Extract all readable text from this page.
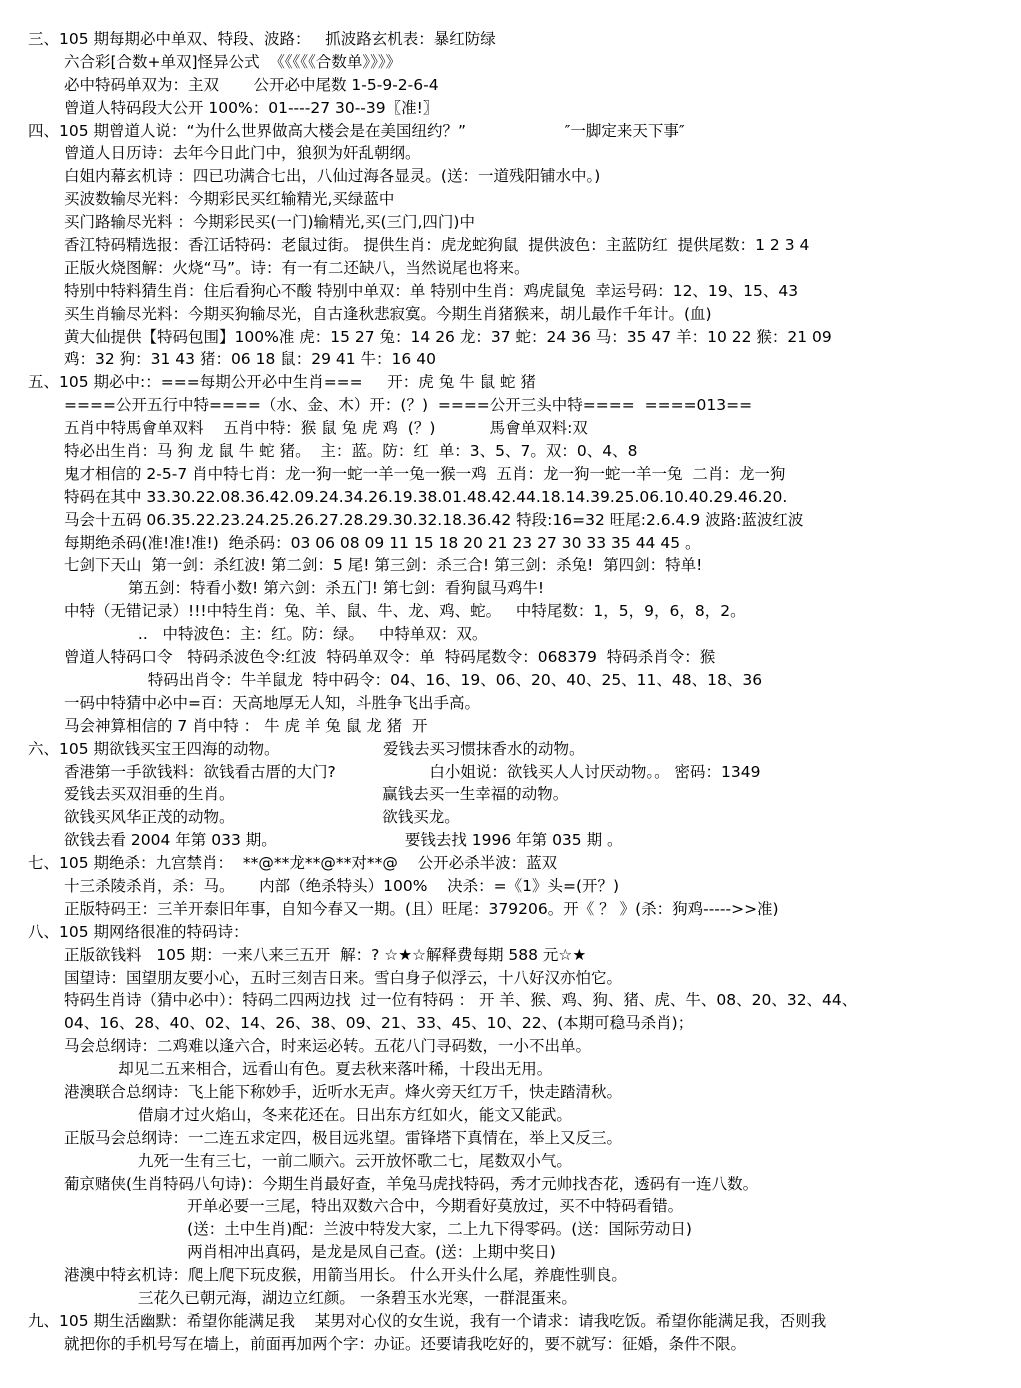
三、105 期每期必中单双、特段、波路：   抓波路玄机表：暴红防绿
六合彩[合数+单双]怪异公式  《《《《《合数单》》》》
必中特码单双为：主双       公开必中尾数 1-5-9-2-6-4
曾道人特码段大公开 100%：01----27 30--39〖准!〗
四、105 期曾道人说：“为什么世界做高大楼会是在美国纽约？”                    ″一脚定来天下事″
曾道人日历诗：去年今日此门中，狼狈为奸乱朝纲。
白姐内幕玄机诗 ：四已功满合七出，八仙过海各显灵。(送：一道残阳铺水中。)
买波数输尽光料：今期彩民买红输精光,买绿蓝中
买门路输尽光料 ：今期彩民买(一门)输精光,买(三门,四门)中
香江特码精选报：香江话特码：老鼠过街。 提供生肖：虎龙蛇狗鼠  提供波色：主蓝防红  提供尾数：1 2 3 4
正版火烧图解：火烧“马”。诗：有一有二还缺八，当然说尾也将来。
特别中特料猜生肖：住后看狗心不酸 特别中单双：单 特别中生肖：鸡虎鼠兔  幸运号码：12、19、15、43
买生肖输尽光料：今期买狗输尽光，自古逢秋悲寂寞。今期生肖猪猴来，胡儿最作千年计。(血)
黄大仙提供【特码包围】100%准 虎：15 27 兔：14 26 龙：37 蛇：24 36 马：35 47 羊：10 22 猴：21 09
鸡：32 狗：31 43 猪：06 18 鼠：29 41 牛：16 40
五、105 期必中:：===每期公开必中生肖===     开：虎 兔 牛 鼠 蛇 猪
====公开五行中特====（水、金、木）开：(？)  ====公开三头中特====  ====013==
五肖中特馬會单双料    五肖中特：猴 鼠 兔 虎 鸡  (？)           馬會单双料:双
特必出生肖：马 狗 龙 鼠 牛 蛇 猪。  主：蓝。防：红  单：3、5、7。双：0、4、8
鬼才相信的 2-5-7 肖中特七肖：龙一狗一蛇一羊一兔一猴一鸡  五肖：龙一狗一蛇一羊一兔  二肖：龙一狗
特码在其中 33.30.22.08.36.42.09.24.34.26.19.38.01.48.42.44.18.14.39.25.06.10.40.29.46.20.
马会十五码 06.35.22.23.24.25.26.27.28.29.30.32.18.36.42 特段:16=32 旺尾:2.6.4.9 波路:蓝波红波
每期绝杀码(准!准!准!)  绝杀码：03 06 08 09 11 15 18 20 21 23 27 30 33 35 44 45 。
七剑下天山  第一剑：杀红波! 第二剑：5 尾! 第三剑：杀三合! 第三剑：杀兔!  第四剑：特单!
第五剑：特看小数! 第六剑：杀五门! 第七剑：看狗鼠马鸡牛!
中特（无错记录）!!!中特生肖：兔、羊、鼠、牛、龙、鸡、蛇。   中特尾数：1，5，9，6，8，2。
..   中特波色：主：红。防：绿。   中特单双：双。
曾道人特码口令   特码杀波色令:红波  特码单双令：单  特码尾数令：068379  特码杀肖令：猴
特码出肖令：牛羊鼠龙  特中码令：04、16、19、06、20、40、25、11、48、18、36
一码中特猜中必中=百：天高地厚无人知，斗胜争飞出手高。
马会神算相信的 7 肖中特 ： 牛 虎 羊 兔 鼠 龙 猪  开
六、105 期欲钱买宝王四海的动物。                     爱钱去买习惯抹香水的动物。
香港第一手欲钱料：欲钱看古厝的大门?                   白小姐说：欲钱买人人讨厌动物。。 密码：1349
爱钱去买双泪垂的生肖。                              赢钱去买一生幸福的动物。
欲钱买风华正茂的动物。                              欲钱买龙。
欲钱去看 2004 年第 033 期。                          要钱去找 1996 年第 035 期 。
七、105 期绝杀：九宫禁肖：  **@**龙**@**对**@    公开必杀半波：蓝双
十三杀陵杀肖，杀：马。     内部（绝杀特头）100%    决杀：=《1》头=(开？)
正版特码王：三羊开泰旧年事，自知今春又一期。(且）旺尾：379206。开《 ？ 》(杀：狗鸡----->>准)
八、105 期网络很准的特码诗：
正版欲钱料   105 期：一来八来三五开  解：? ☆★☆解释费每期 588 元☆★
国望诗：国望朋友要小心，五时三刻吉日来。雪白身子似浮云，十八好汉亦怕它。
特码生肖诗（猜中必中）：特码二四两边找  过一位有特码 ： 开 羊、猴、鸡、狗、猪、虎、牛、08、20、32、44、
04、16、28、40、02、14、26、38、09、21、33、45、10、22、(本期可稳马杀肖)；
马会总纲诗：二鸡难以逢六合，时来运必转。五花八门寻码数，一小不出单。
却见二五来相合，远看山有色。夏去秋来落叶稀，十段出无用。
港澳联合总纲诗：飞上能下称妙手，近听水无声。烽火旁天红万千，快走踏清秋。
借扇才过火焰山，冬来花还在。日出东方红如火，能文又能武。
正版马会总纲诗：一二连五求定四，极目远兆望。雷锋塔下真情在，举上又反三。
九死一生有三七，一前二顺六。云开放怀歌二七，尾数双小气。
葡京赌侠(生肖特码八句诗)：今期生肖最好查，羊兔马虎找特码，秀才元帅找杏花，透码有一连八数。
开单必要一三尾，特出双数六合中，今期看好莫放过，买不中特码看错。
(送：土中生肖)配：兰波中特发大家，二上九下得零码。(送：国际劳动日)
两肖相冲出真码，是龙是凤自己查。(送：上期中奖日)
港澳中特玄机诗：爬上爬下玩皮猴，用箭当用长。 什么开头什么尾，养鹿性驯良。
三花久已朝元海，湖边立红颜。 一条碧玉水光寒，一群混蛋来。
九、105 期生活幽默：希望你能满足我    某男对心仪的女生说，我有一个请求：请我吃饭。希望你能满足我，否则我
就把你的手机号写在墙上，前面再加两个字：办证。还要请我吃好的，要不就写：征婚，条件不限。
